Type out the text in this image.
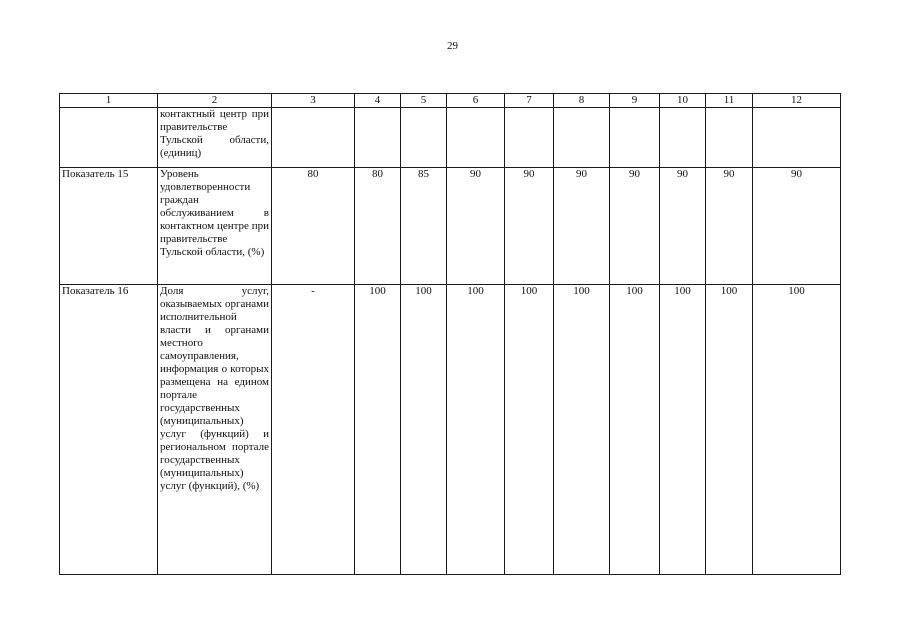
29
1	2	3	4	5	6	7	8	9	10	11	12
	контактный центр при правительстве Тульской области, (единиц)										
Показатель 15	Уровень удовлетворенности граждан обслуживанием в контактном центре при правительстве Тульской области, (%)	80	80	85	90	90	90	90	90	90	90
Показатель 16	Доля услуг, оказываемых органами исполнительной власти и органами местного самоуправления, информация о которых размещена на едином портале государственных (муниципальных) услуг (функций) и региональном портале государственных (муниципальных) услуг (функций), (%)	-	100	100	100	100	100	100	100	100	100
